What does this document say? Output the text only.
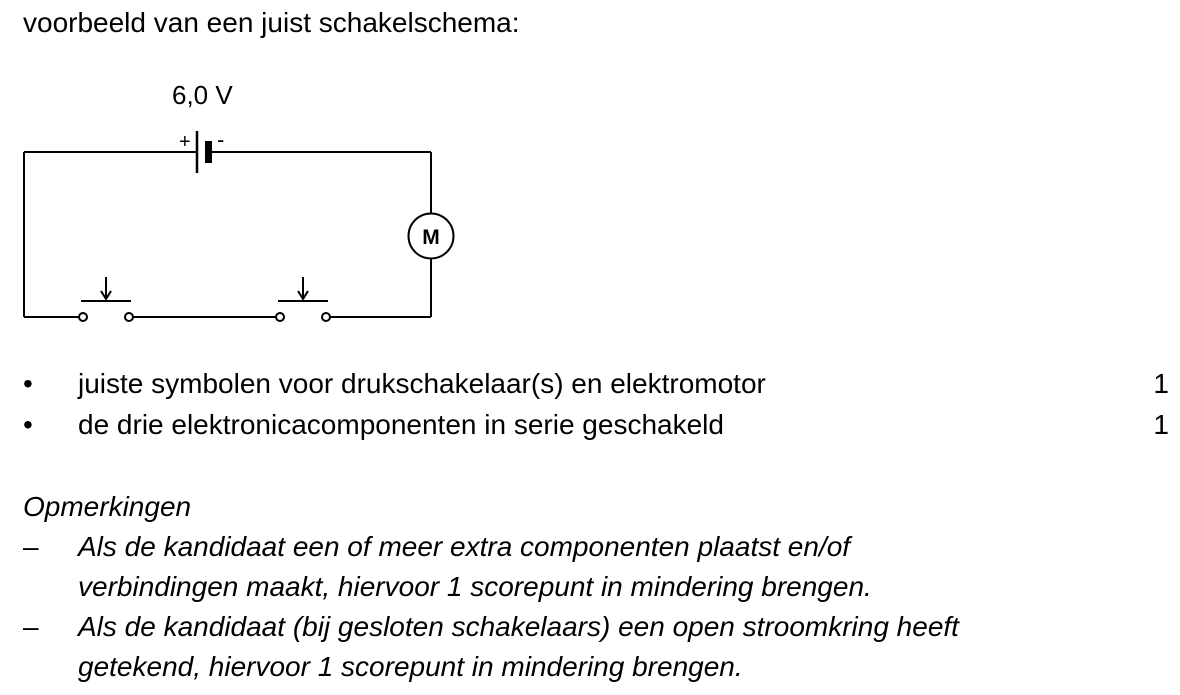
voorbeeld van een juist schakelschema:
6,0 V
+ -
M
• juiste symbolen voor drukschakelaar(s) en elektromotor	1
• de drie elektronicacomponenten in serie geschakeld	1
Opmerkingen
– Als de kandidaat een of meer extra componenten plaatst en/of
verbindingen maakt, hiervoor 1 scorepunt in mindering brengen.
– Als de kandidaat (bij gesloten schakelaars) een open stroomkring heeft
getekend, hiervoor 1 scorepunt in mindering brengen.
